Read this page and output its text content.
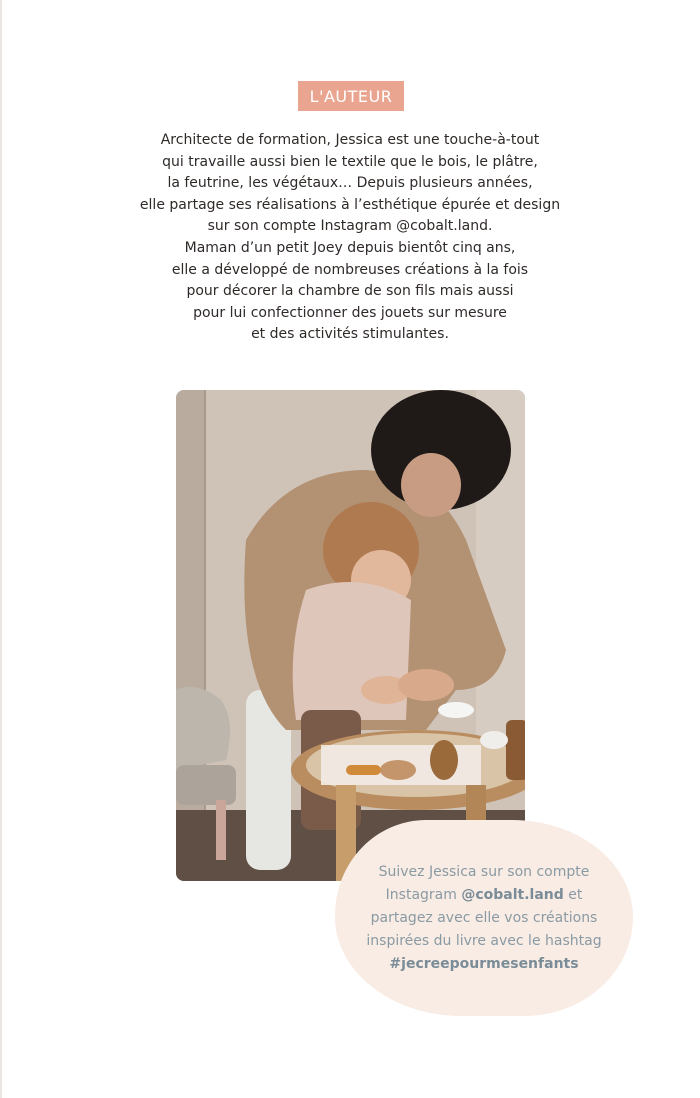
L'AUTEUR
Architecte de formation, Jessica est une touche-à-tout
qui travaille aussi bien le textile que le bois, le plâtre,
la feutrine, les végétaux… Depuis plusieurs années,
elle partage ses réalisations à l’esthétique épurée et design
sur son compte Instagram @cobalt.land.
Maman d’un petit Joey depuis bientôt cinq ans,
elle a développé de nombreuses créations à la fois
pour décorer la chambre de son fils mais aussi
pour lui confectionner des jouets sur mesure
et des activités stimulantes.
Suivez Jessica sur son compte
Instagram @cobalt.land et
partagez avec elle vos créations
inspirées du livre avec le hashtag
#jecreepourmesenfants
